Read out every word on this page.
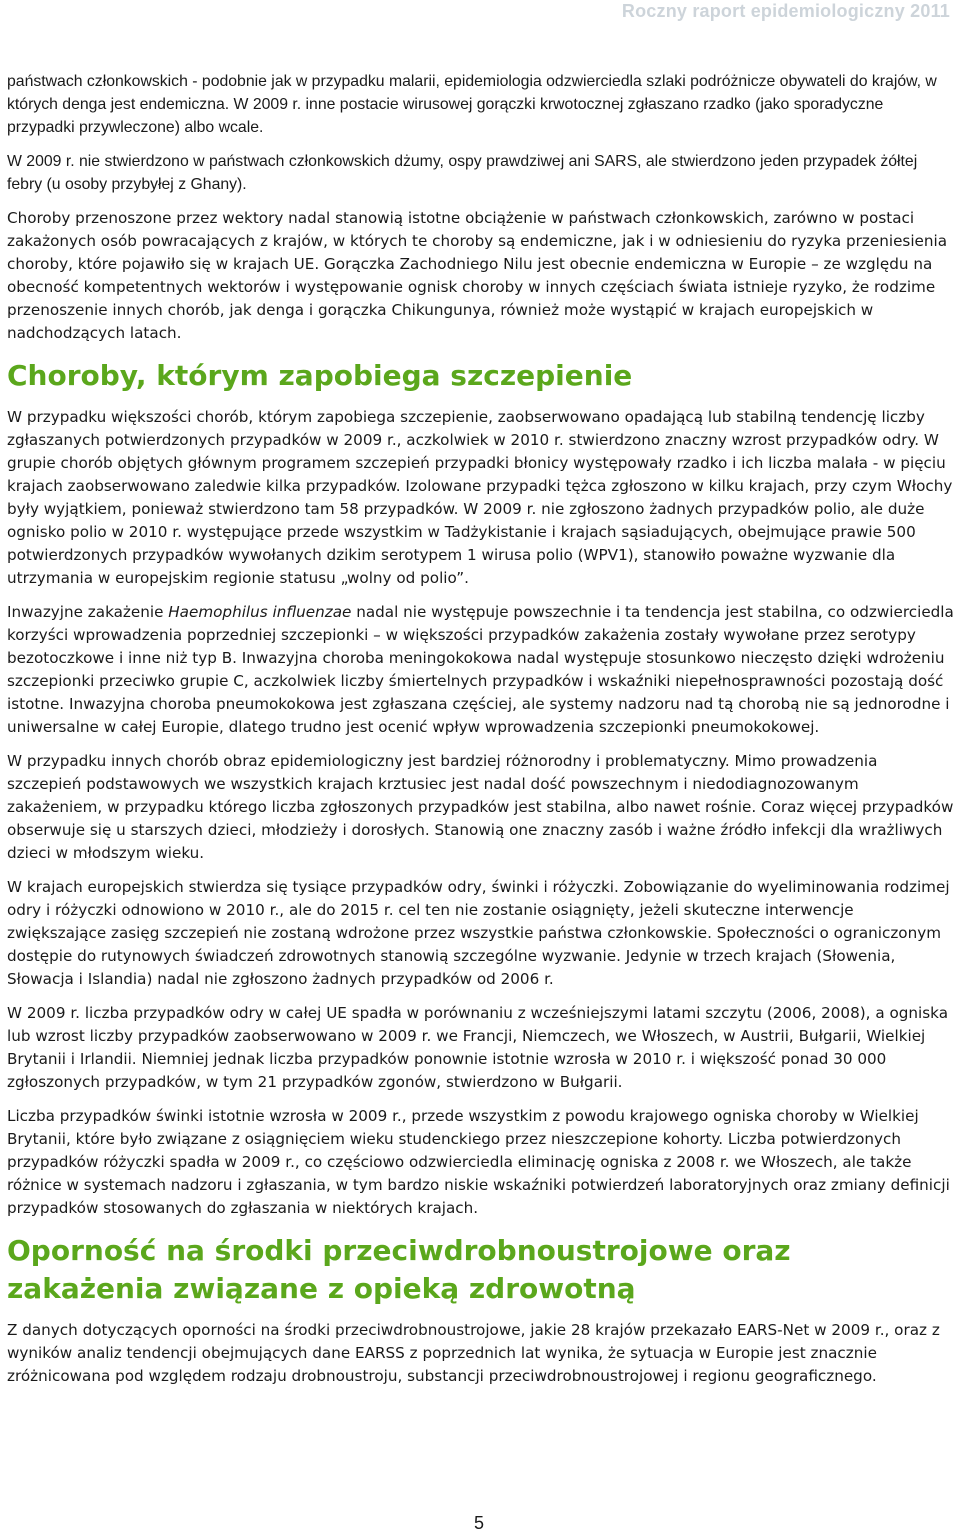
Roczny raport epidemiologiczny 2011

państwach członkowskich - podobnie jak w przypadku malarii, epidemiologia odzwierciedla szlaki podróżnicze obywateli do krajów, w których denga jest endemiczna. W 2009 r. inne postacie wirusowej gorączki krwotocznej zgłaszano rzadko (jako sporadyczne przypadki przywleczone) albo wcale.

W 2009 r. nie stwierdzono w państwach członkowskich dżumy, ospy prawdziwej ani SARS, ale stwierdzono jeden przypadek żółtej febry (u osoby przybyłej z Ghany).

Choroby przenoszone przez wektory nadal stanowią istotne obciążenie w państwach członkowskich, zarówno w postaci zakażonych osób powracających z krajów, w których te choroby są endemiczne, jak i w odniesieniu do ryzyka przeniesienia choroby, które pojawiło się w krajach UE. Gorączka Zachodniego Nilu jest obecnie endemiczna w Europie – ze względu na obecność kompetentnych wektorów i występowanie ognisk choroby w innych częściach świata istnieje ryzyko, że rodzime przenoszenie innych chorób, jak denga i gorączka Chikungunya, również może wystąpić w krajach europejskich w nadchodzących latach.

Choroby, którym zapobiega szczepienie

W przypadku większości chorób, którym zapobiega szczepienie, zaobserwowano opadającą lub stabilną tendencję liczby zgłaszanych potwierdzonych przypadków w 2009 r., aczkolwiek w 2010 r. stwierdzono znaczny wzrost przypadków odry. W grupie chorób objętych głównym programem szczepień przypadki błonicy występowały rzadko i ich liczba malała - w pięciu krajach zaobserwowano zaledwie kilka przypadków. Izolowane przypadki tężca zgłoszono w kilku krajach, przy czym Włochy były wyjątkiem, ponieważ stwierdzono tam 58 przypadków. W 2009 r. nie zgłoszono żadnych przypadków polio, ale duże ognisko polio w 2010 r. występujące przede wszystkim w Tadżykistanie i krajach sąsiadujących, obejmujące prawie 500 potwierdzonych przypadków wywołanych dzikim serotypem 1 wirusa polio (WPV1), stanowiło poważne wyzwanie dla utrzymania w europejskim regionie statusu „wolny od polio”.

Inwazyjne zakażenie Haemophilus influenzae nadal nie występuje powszechnie i ta tendencja jest stabilna, co odzwierciedla korzyści wprowadzenia poprzedniej szczepionki – w większości przypadków zakażenia zostały wywołane przez serotypy bezotoczkowe i inne niż typ B. Inwazyjna choroba meningokokowa nadal występuje stosunkowo nieczęsto dzięki wdrożeniu szczepionki przeciwko grupie C, aczkolwiek liczby śmiertelnych przypadków i wskaźniki niepełnosprawności pozostają dość istotne. Inwazyjna choroba pneumokokowa jest zgłaszana częściej, ale systemy nadzoru nad tą chorobą nie są jednorodne i uniwersalne w całej Europie, dlatego trudno jest ocenić wpływ wprowadzenia szczepionki pneumokokowej.

W przypadku innych chorób obraz epidemiologiczny jest bardziej różnorodny i problematyczny. Mimo prowadzenia szczepień podstawowych we wszystkich krajach krztusiec jest nadal dość powszechnym i niedodiagnozowanym zakażeniem, w przypadku którego liczba zgłoszonych przypadków jest stabilna, albo nawet rośnie. Coraz więcej przypadków obserwuje się u starszych dzieci, młodzieży i dorosłych. Stanowią one znaczny zasób i ważne źródło infekcji dla wrażliwych dzieci w młodszym wieku.

W krajach europejskich stwierdza się tysiące przypadków odry, świnki i różyczki. Zobowiązanie do wyeliminowania rodzimej odry i różyczki odnowiono w 2010 r., ale do 2015 r. cel ten nie zostanie osiągnięty, jeżeli skuteczne interwencje zwiększające zasięg szczepień nie zostaną wdrożone przez wszystkie państwa członkowskie. Społeczności o ograniczonym dostępie do rutynowych świadczeń zdrowotnych stanowią szczególne wyzwanie. Jedynie w trzech krajach (Słowenia, Słowacja i Islandia) nadal nie zgłoszono żadnych przypadków od 2006 r.

W 2009 r. liczba przypadków odry w całej UE spadła w porównaniu z wcześniejszymi latami szczytu (2006, 2008), a ogniska lub wzrost liczby przypadków zaobserwowano w 2009 r. we Francji, Niemczech, we Włoszech, w Austrii, Bułgarii, Wielkiej Brytanii i Irlandii. Niemniej jednak liczba przypadków ponownie istotnie wzrosła w 2010 r. i większość ponad 30 000 zgłoszonych przypadków, w tym 21 przypadków zgonów, stwierdzono w Bułgarii.

Liczba przypadków świnki istotnie wzrosła w 2009 r., przede wszystkim z powodu krajowego ogniska choroby w Wielkiej Brytanii, które było związane z osiągnięciem wieku studenckiego przez nieszczepione kohorty. Liczba potwierdzonych przypadków różyczki spadła w 2009 r., co częściowo odzwierciedla eliminację ogniska z 2008 r. we Włoszech, ale także różnice w systemach nadzoru i zgłaszania, w tym bardzo niskie wskaźniki potwierdzeń laboratoryjnych oraz zmiany definicji przypadków stosowanych do zgłaszania w niektórych krajach.

Oporność na środki przeciwdrobnoustrojowe oraz zakażenia związane z opieką zdrowotną

Z danych dotyczących oporności na środki przeciwdrobnoustrojowe, jakie 28 krajów przekazało EARS-Net w 2009 r., oraz z wyników analiz tendencji obejmujących dane EARSS z poprzednich lat wynika, że sytuacja w Europie jest znacznie zróżnicowana pod względem rodzaju drobnoustroju, substancji przeciwdrobnoustrojowej i regionu geograficznego.

5
